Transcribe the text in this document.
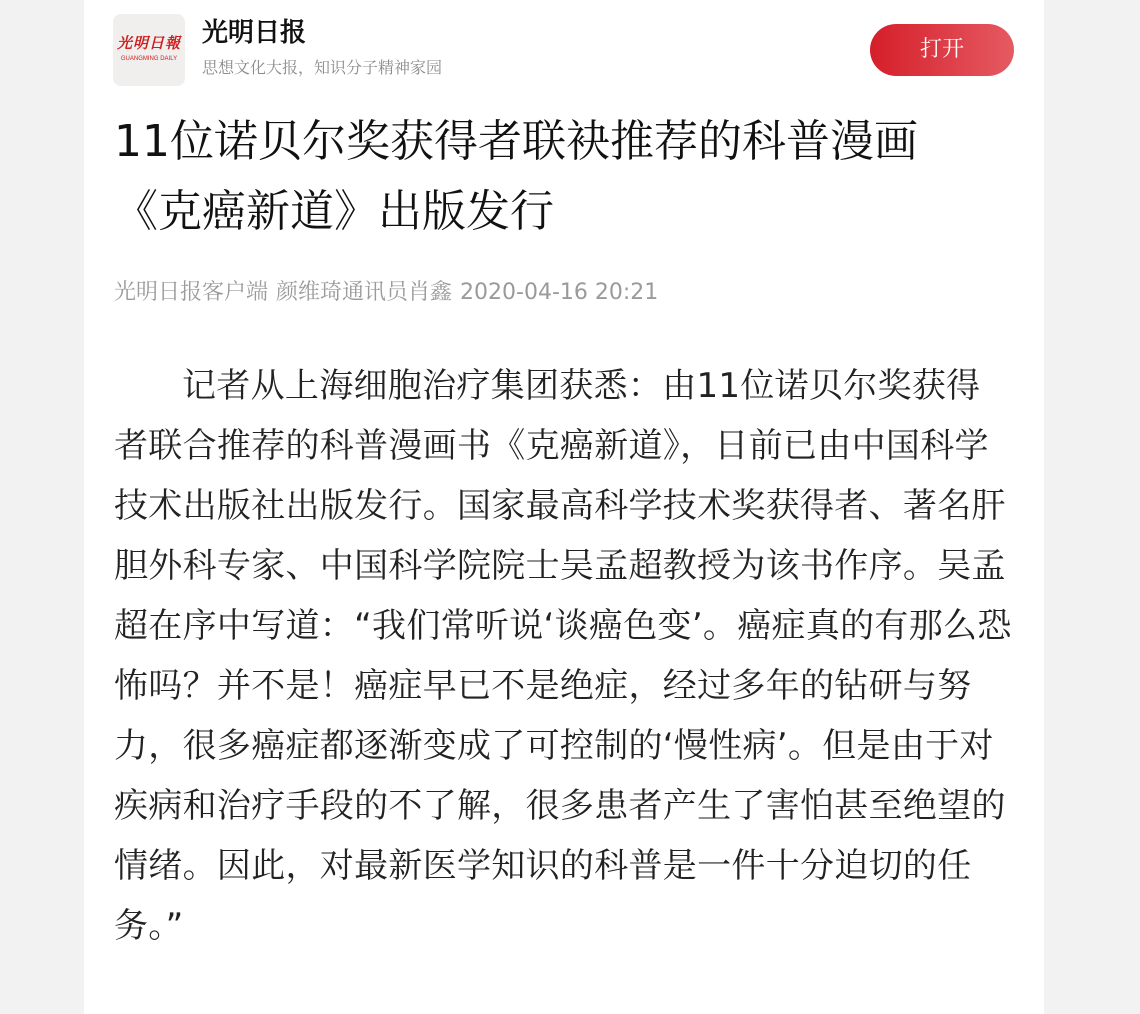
光明日報
GUANGMING DAILY
光明日报
思想文化大报，知识分子精神家园
打开
11位诺贝尔奖获得者联袂推荐的科普漫画《克癌新道》出版发行
光明日报客户端 颜维琦通讯员肖鑫 2020-04-16 20:21

记者从上海细胞治疗集团获悉：由11位诺贝尔奖获得者联合推荐的科普漫画书《克癌新道》，日前已由中国科学技术出版社出版发行。国家最高科学技术奖获得者、著名肝胆外科专家、中国科学院院士吴孟超教授为该书作序。吴孟超在序中写道：“我们常听说‘谈癌色变’。癌症真的有那么恐怖吗？并不是！癌症早已不是绝症，经过多年的钻研与努力，很多癌症都逐渐变成了可控制的‘慢性病’。但是由于对疾病和治疗手段的不了解，很多患者产生了害怕甚至绝望的情绪。因此，对最新医学知识的科普是一件十分迫切的任务。”
